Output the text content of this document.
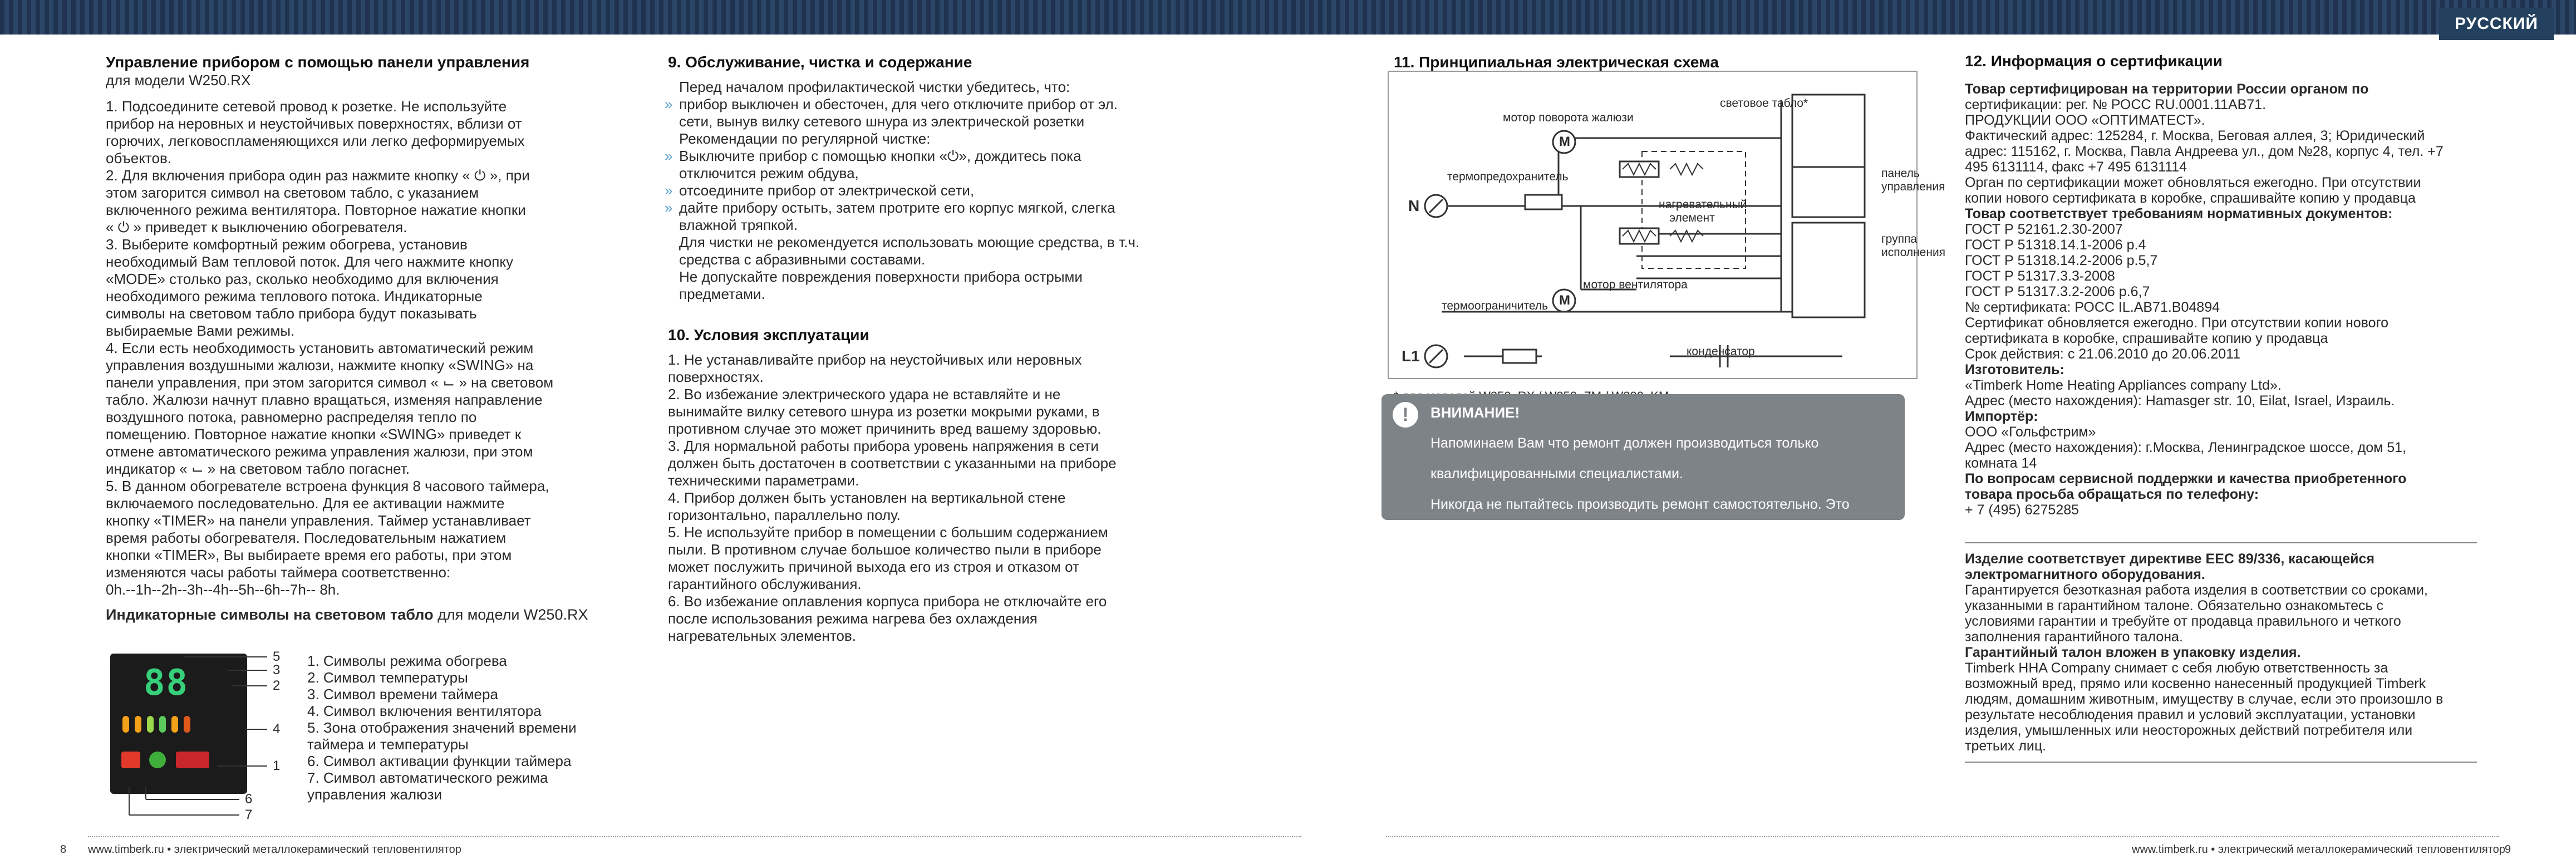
РУССКИЙ
Управление прибором с помощью панели управления

для модели W250.RX

1. Подсоедините сетевой провод к розетке. Не используйте

прибор на неровных и неустойчивых поверхностях, вблизи от

горючих, легковоспламеняющихся или легко деформируемых

объектов.

2. Для включения прибора один раз нажмите кнопку « ⏻ », при

этом загорится символ на световом табло, с указанием

включенного режима вентилятора. Повторное нажатие кнопки

« ⏻ » приведет к выключению обогревателя.

3. Выберите комфортный режим обогрева, установив

необходимый Вам тепловой поток. Для чего нажмите кнопку

«MODE» столько раз, сколько необходимо для включения

необходимого режима теплового потока. Индикаторные

символы на световом табло прибора будут показывать

выбираемые Вами режимы.

4. Если есть необходимость установить автоматический режим

управления воздушными жалюзи, нажмите кнопку «SWING» на

панели управления, при этом загорится символ « ⌙ » на световом

табло. Жалюзи начнут плавно вращаться, изменяя направление

воздушного потока, равномерно распределяя тепло по

помещению. Повторное нажатие кнопки «SWING» приведет к

отмене автоматического режима управления жалюзи, при этом

индикатор « ⌙ » на световом табло погаснет.

5. В данном обогревателе встроена функция 8 часового таймера,

включаемого последовательно. Для ее активации нажмите

кнопку «TIMER» на панели управления. Таймер устанавливает

время работы обогревателя. Последовательным нажатием

кнопки «TIMER», Вы выбираете время его работы, при этом

изменяются часы работы таймера соответственно:

0h.--1h--2h--3h--4h--5h--6h--7h-- 8h.

Индикаторные символы на световом табло для модели W250.RX

88
5
3
2
4
1
6
7

1. Символы режима обогрева

2. Символ температуры

3. Символ времени таймера

4. Символ включения вентилятора

5. Зона отображения значений времени

таймера и температуры

6. Символ активации функции таймера

7. Символ автоматического режима

управления жалюзи

9. Обслуживание, чистка и содержание

Перед началом профилактической чистки убедитесь, что:

» прибор выключен и обесточен, для чего отключите прибор от эл.

сети, вынув вилку сетевого шнура из электрической розетки

Рекомендации по регулярной чистке:

» Выключите прибор с помощью кнопки «⏻», дождитесь пока

отключится режим обдува,

» отсоедините прибор от электрической сети,

» дайте прибору остыть, затем протрите его корпус мягкой, слегка

влажной тряпкой.

Для чистки не рекомендуется использовать моющие средства, в т.ч.

средства с абразивными составами.

Не допускайте повреждения поверхности прибора острыми

предметами.

10. Условия эксплуатации

1. Не устанавливайте прибор на неустойчивых или неровных

поверхностях.

2. Во избежание электрического удара не вставляйте и не

вынимайте вилку сетевого шнура из розетки мокрыми руками, в

противном случае это может причинить вред вашему здоровью.

3. Для нормальной работы прибора уровень напряжения в сети

должен быть достаточен в соответствии с указанными на приборе

техническими параметрами.

4. Прибор должен быть установлен на вертикальной стене

горизонтально, параллельно полу.

5. Не используйте прибор в помещении с большим содержанием

пыли. В противном случае большое количество пыли в приборе

может послужить причиной выхода его из строя и отказом от

гарантийного обслуживания.

6. Во избежание оплавления корпуса прибора не отключайте его

после использования режима нагрева без охлаждения

нагревательных элементов.

11. Принципиальная электрическая схема
M
M
мотор поворота жалюзи
световое табло*
термопредохранитель
нагревательный элемент
панель управления
группа исполнения
мотор вентилятора
термоограничитель
конденсатор
N
L1
!	ВНИМАНИЕ!

Напоминаем Вам что ремонт должен производиться только

квалифицированными специалистами.

Никогда не пытайтесь производить ремонт самостоятельно. Это

может причинить вред вашему здоровью и повлиять на условия

гарантийного обслуживания прибора.

12. Информация о сертификации

Товар сертифицирован на территории России органом по

сертификации: рег. № РОСС RU.0001.11АВ71.

ПРОДУКЦИИ ООО «ОПТИМАТЕСТ».

Фактический адрес: 125284, г. Москва, Беговая аллея, 3; Юридический

адрес: 115162, г. Москва, Павла Андреева ул., дом №28, корпус 4, тел. +7

495 6131114, факс +7 495 6131114

Орган по сертификации может обновляться ежегодно. При отсутствии

копии нового сертификата в коробке, спрашивайте копию у продавца

Товар соответствует требованиям нормативных документов:

ГОСТ Р 52161.2.30-2007

ГОСТ Р 51318.14.1-2006 р.4

ГОСТ Р 51318.14.2-2006 р.5,7

ГОСТ Р 51317.3.3-2008

ГОСТ Р 51317.3.2-2006 р.6,7

№ сертификата: РОСС IL.АВ71.В04894

Сертификат обновляется ежегодно. При отсутствии копии нового

сертификата в коробке, спрашивайте копию у продавца

Срок действия: с 21.06.2010 до 20.06.2011

Изготовитель:

«Timberk Home Heating Appliances company Ltd».

Адрес (место нахождения): Hamasger str. 10, Eilat, Israel, Израиль.

Импортёр:

ООО «Гольфстрим»

Адрес (место нахождения): г.Москва, Ленинградское шоссе, дом 51,

комната 14

По вопросам сервисной поддержки и качества приобретенного

товара просьба обращаться по телефону:

+ 7 (495) 6275285

Изделие соответствует директиве ЕЕС 89/336, касающейся

электромагнитного оборудования.

Гарантируется безотказная работа изделия в соответствии со сроками,

указанными в гарантийном талоне. Обязательно ознакомьтесь с

условиями гарантии и требуйте от продавца правильного и четкого

заполнения гарантийного талона.

Гарантийный талон вложен в упаковку изделия.

Timberk HHA Company снимает с себя любую ответственность за

возможный вред, прямо или косвенно нанесенный продукцией Timberk

людям, домашним животным, имуществу в случае, если это произошло в

результате несоблюдения правил и условий эксплуатации, установки

изделия, умышленных или неосторожных действий потребителя или

третьих лиц.

8 www.timberk.ru • электрический металлокерамический тепловентилятор	www.timberk.ru • электрический металлокерамический тепловентилятор 9
